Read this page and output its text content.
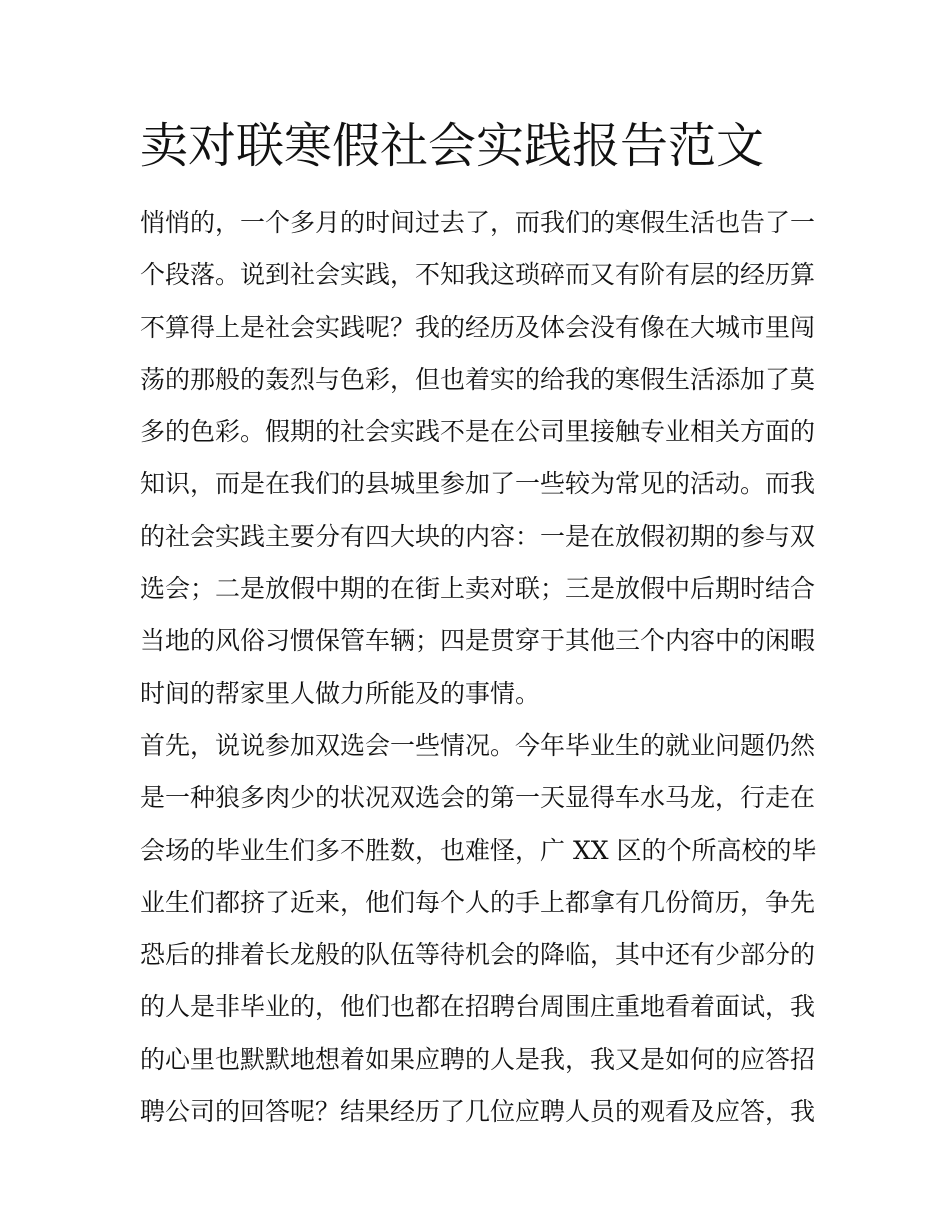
卖对联寒假社会实践报告范文
悄悄的，一个多月的时间过去了，而我们的寒假生活也告了一
个段落。说到社会实践，不知我这琐碎而又有阶有层的经历算
不算得上是社会实践呢？我的经历及体会没有像在大城市里闯
荡的那般的轰烈与色彩，但也着实的给我的寒假生活添加了莫
多的色彩。假期的社会实践不是在公司里接触专业相关方面的
知识，而是在我们的县城里参加了一些较为常见的活动。而我
的社会实践主要分有四大块的内容：一是在放假初期的参与双
选会；二是放假中期的在街上卖对联；三是放假中后期时结合
当地的风俗习惯保管车辆；四是贯穿于其他三个内容中的闲暇
时间的帮家里人做力所能及的事情。
首先，说说参加双选会一些情况。今年毕业生的就业问题仍然
是一种狼多肉少的状况双选会的第一天显得车水马龙，行走在
会场的毕业生们多不胜数，也难怪，广 XX 区的个所高校的毕
业生们都挤了近来，他们每个人的手上都拿有几份简历，争先
恐后的排着长龙般的队伍等待机会的降临，其中还有少部分的
的人是非毕业的，他们也都在招聘台周围庄重地看着面试，我
的心里也默默地想着如果应聘的人是我，我又是如何的应答招
聘公司的回答呢？结果经历了几位应聘人员的观看及应答，我
